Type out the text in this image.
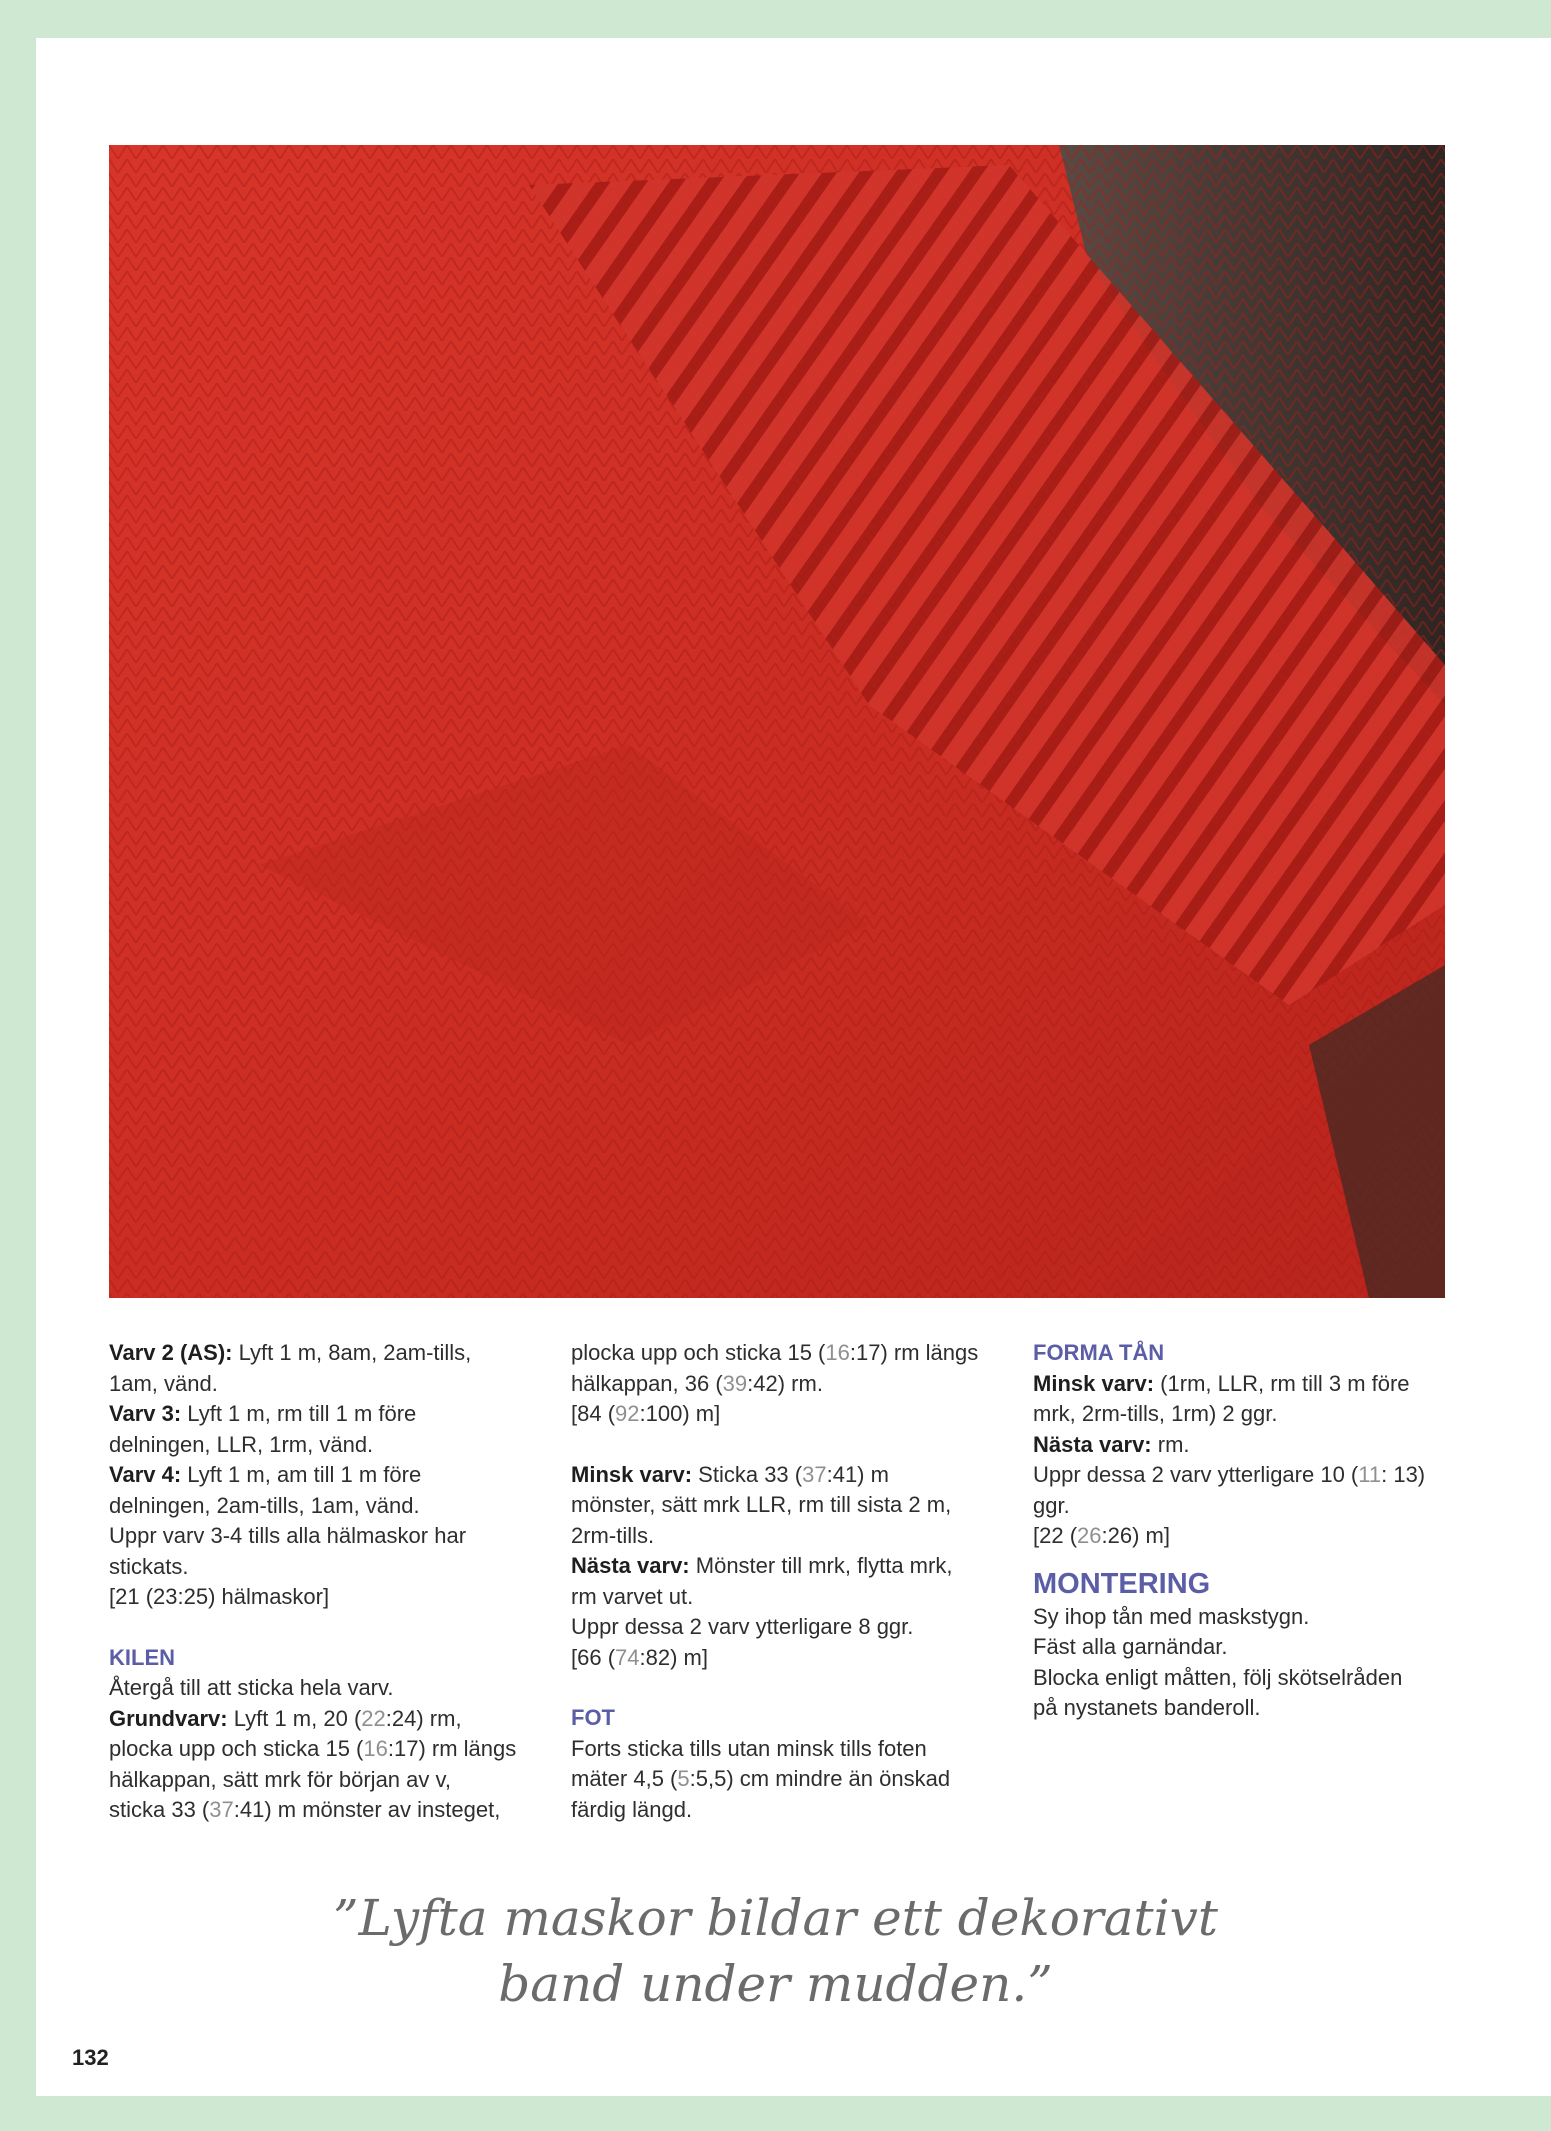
Varv 2 (AS): Lyft 1 m, 8am, 2am-tills,

1am, vänd.

Varv 3: Lyft 1 m, rm till 1 m före

delningen, LLR, 1rm, vänd.

Varv 4: Lyft 1 m, am till 1 m före

delningen, 2am-tills, 1am, vänd.

Uppr varv 3-4 tills alla hälmaskor har

stickats.

[21 (23:25) hälmaskor]

KILEN

Återgå till att sticka hela varv.

Grundvarv: Lyft 1 m, 20 (22:24) rm,

plocka upp och sticka 15 (16:17) rm längs

hälkappan, sätt mrk för början av v,

sticka 33 (37:41) m mönster av insteget,

plocka upp och sticka 15 (16:17) rm längs

hälkappan, 36 (39:42) rm.

[84 (92:100) m]

Minsk varv: Sticka 33 (37:41) m

mönster, sätt mrk LLR, rm till sista 2 m,

2rm-tills.

Nästa varv: Mönster till mrk, flytta mrk,

rm varvet ut.

Uppr dessa 2 varv ytterligare 8 ggr.

[66 (74:82) m]

FOT

Forts sticka tills utan minsk tills foten

mäter 4,5 (5:5,5) cm mindre än önskad

färdig längd.

FORMA TÅN

Minsk varv: (1rm, LLR, rm till 3 m före

mrk, 2rm-tills, 1rm) 2 ggr.

Nästa varv: rm.

Uppr dessa 2 varv ytterligare 10 (11: 13)

ggr.

[22 (26:26) m]

MONTERING

Sy ihop tån med maskstygn.

Fäst alla garnändar.

Blocka enligt måtten, följ skötselråden

på nystanets banderoll.

”Lyfta maskor bildar ett dekorativt
band under mudden.”
132
